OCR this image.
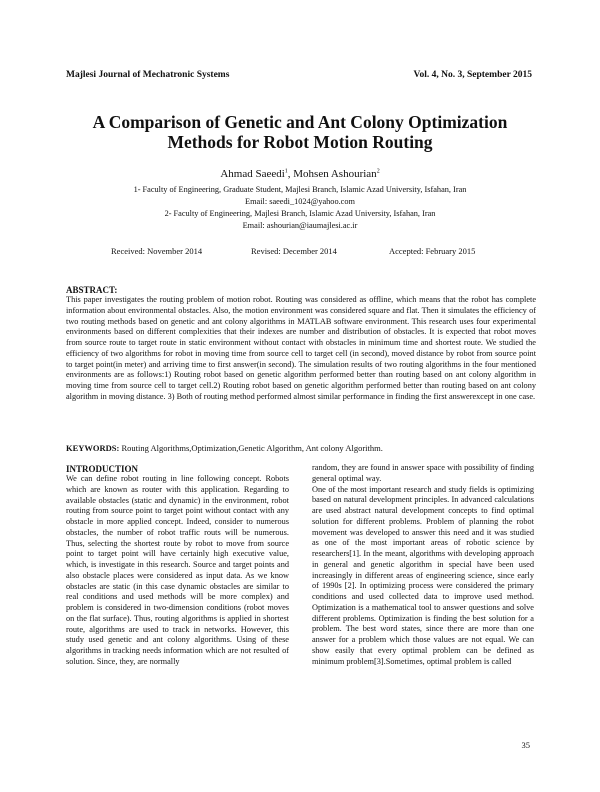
Majlesi Journal of Mechatronic Systems	Vol. 4, No. 3, September 2015
A Comparison of Genetic and Ant Colony Optimization
Methods for Robot Motion Routing
Ahmad Saeedi$^1$, Mohsen Ashourian$^2$
1- Faculty of Engineering, Graduate Student, Majlesi Branch, Islamic Azad University, Isfahan, Iran
Email: saeedi_1024@yahoo.com
2- Faculty of Engineering, Majlesi Branch, Islamic Azad University, Isfahan, Iran
Email: ashourian@iaumajlesi.ac.ir
Received: November 2014	Revised: December 2014	Accepted: February 2015
ABSTRACT:
This paper investigates the routing problem of motion robot. Routing was considered as offline, which means that the robot has complete information about environmental obstacles. Also, the motion environment was considered square and flat. Then it simulates the efficiency of two routing methods based on genetic and ant colony algorithms in MATLAB software environment. This research uses four experimental environments based on different complexities that their indexes are number and distribution of obstacles. It is expected that robot moves from source route to target route in static environment without contact with obstacles in minimum time and shortest route. We studied the efficiency of two algorithms for robot in moving time from source cell to target cell (in second), moved distance by robot from source point to target point(in meter) and arriving time to first answer(in second). The simulation results of two routing algorithms in the four mentioned environments are as follows:1) Routing robot based on genetic algorithm performed better than routing based on ant colony algorithm in moving time from source cell to target cell.2) Routing robot based on genetic algorithm performed better than routing based on ant colony algorithm in moving distance. 3) Both of routing method performed almost similar performance in finding the first answerexcept in one case.
KEYWORDS: Routing Algorithms,Optimization,Genetic Algorithm, Ant colony Algorithm.
INTRODUCTION
We can define robot routing in line following concept. Robots which are known as router with this application. Regarding to available obstacles (static and dynamic) in the environment, robot routing from source point to target point without contact with any obstacle in more applied concept. Indeed, consider to numerous obstacles, the number of robot traffic routs will be numerous. Thus, selecting the shortest route by robot to move from source point to target point will have certainly high executive value, which, is investigate in this research. Source and target points and also obstacle places were considered as input data. As we know obstacles are static (in this case dynamic obstacles are similar to real conditions and used methods will be more complex) and problem is considered in two-dimension conditions (robot moves on the flat surface). Thus, routing algorithms is applied in shortest route, algorithms are used to track in networks. However, this study used genetic and ant colony algorithms. Using of these algorithms in tracking needs information which are not resulted of solution. Since, they, are normally
random, they are found in answer space with possibility of finding general optimal way.
One of the most important research and study fields is optimizing based on natural development principles. In advanced calculations are used abstract natural development concepts to find optimal solution for different problems. Problem of planning the robot movement was developed to answer this need and it was studied as one of the most important areas of robotic science by researchers[1]. In the meant, algorithms with developing approach in general and genetic algorithm in special have been used increasingly in different areas of engineering science, since early of 1990s [2]. In optimizing process were considered the primary conditions and used collected data to improve used method. Optimization is a mathematical tool to answer questions and solve different problems. Optimization is finding the best solution for a problem. The best word states, since there are more than one answer for a problem which those values are not equal. We can show easily that every optimal problem can be defined as minimum problem[3].Sometimes, optimal problem is called
35
